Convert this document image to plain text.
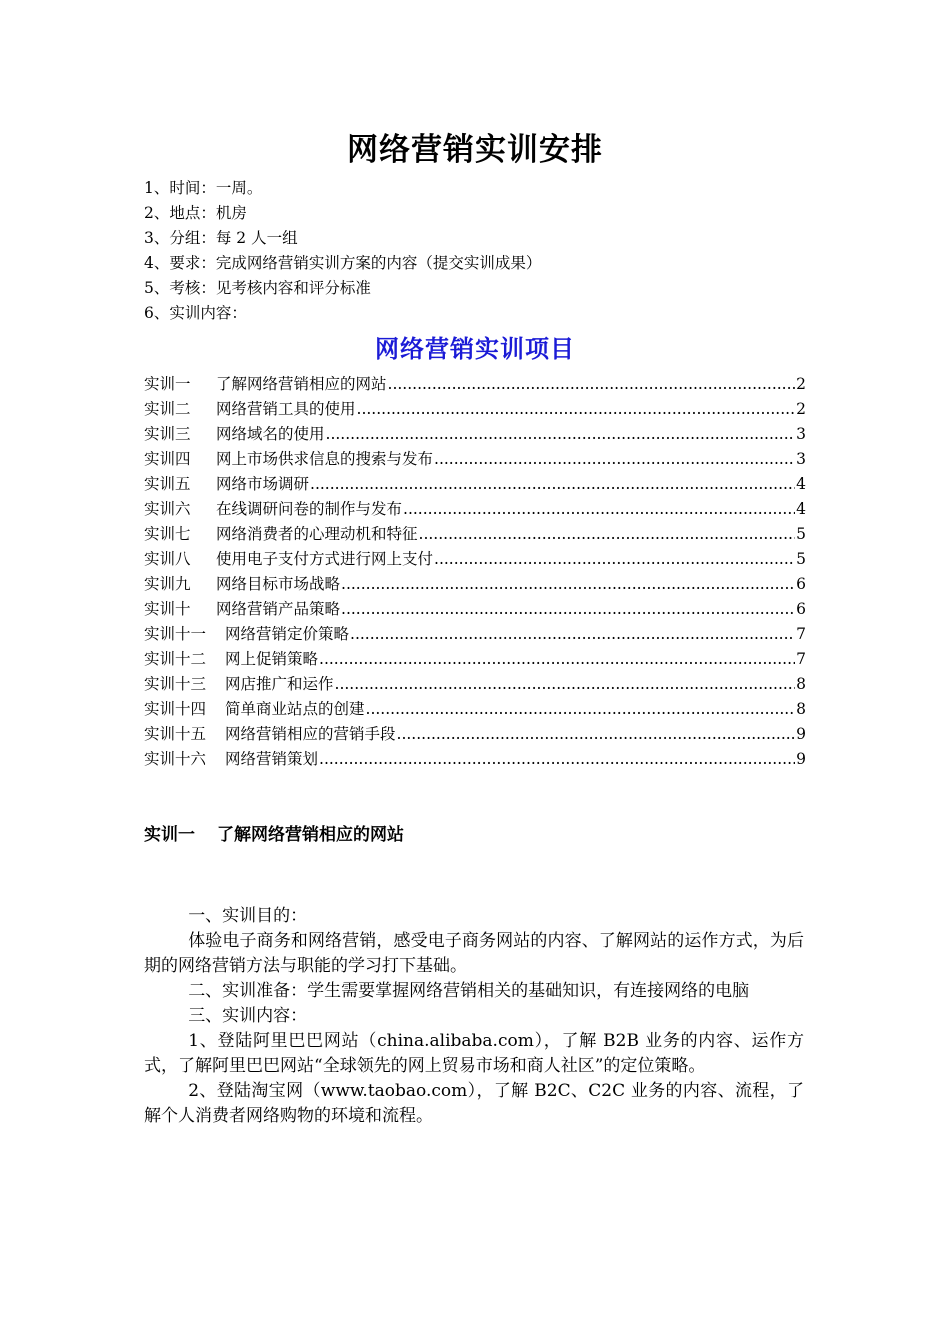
网络营销实训安排
1、时间：一周。
2、地点：机房
3、分组：每 2 人一组
4、要求：完成网络营销实训方案的内容（提交实训成果）
5、考核：见考核内容和评分标准
6、实训内容：
网络营销实训项目
实训一	了解网络营销相应的网站 .....	2
实训二	网络营销工具的使用 .....	2
实训三	网络域名的使用 .....	3
实训四	网上市场供求信息的搜索与发布 .....	3
实训五	网络市场调研 .....	4
实训六	在线调研问卷的制作与发布 .....	4
实训七	网络消费者的心理动机和特征 .....	5
实训八	使用电子支付方式进行网上支付 .....	5
实训九	网络目标市场战略 .....	6
实训十	网络营销产品策略 .....	6
实训十一	网络营销定价策略 .....	7
实训十二	网上促销策略 .....	7
实训十三	网店推广和运作 .....	8
实训十四	简单商业站点的创建 .....	8
实训十五	网络营销相应的营销手段 .....	9
实训十六	网络营销策划 .....	9
实训一 了解网络营销相应的网站

一、实训目的：

体验电子商务和网络营销，感受电子商务网站的内容、了解网站的运作方式，为后期的网络营销方法与职能的学习打下基础。

二、实训准备：学生需要掌握网络营销相关的基础知识，有连接网络的电脑

三、实训内容：

1、登陆阿里巴巴网站（china.alibaba.com），了解 B2B 业务的内容、运作方式，了解阿里巴巴网站“全球领先的网上贸易市场和商人社区”的定位策略。

2、登陆淘宝网（www.taobao.com），了解 B2C、C2C 业务的内容、流程，了解个人消费者网络购物的环境和流程。
